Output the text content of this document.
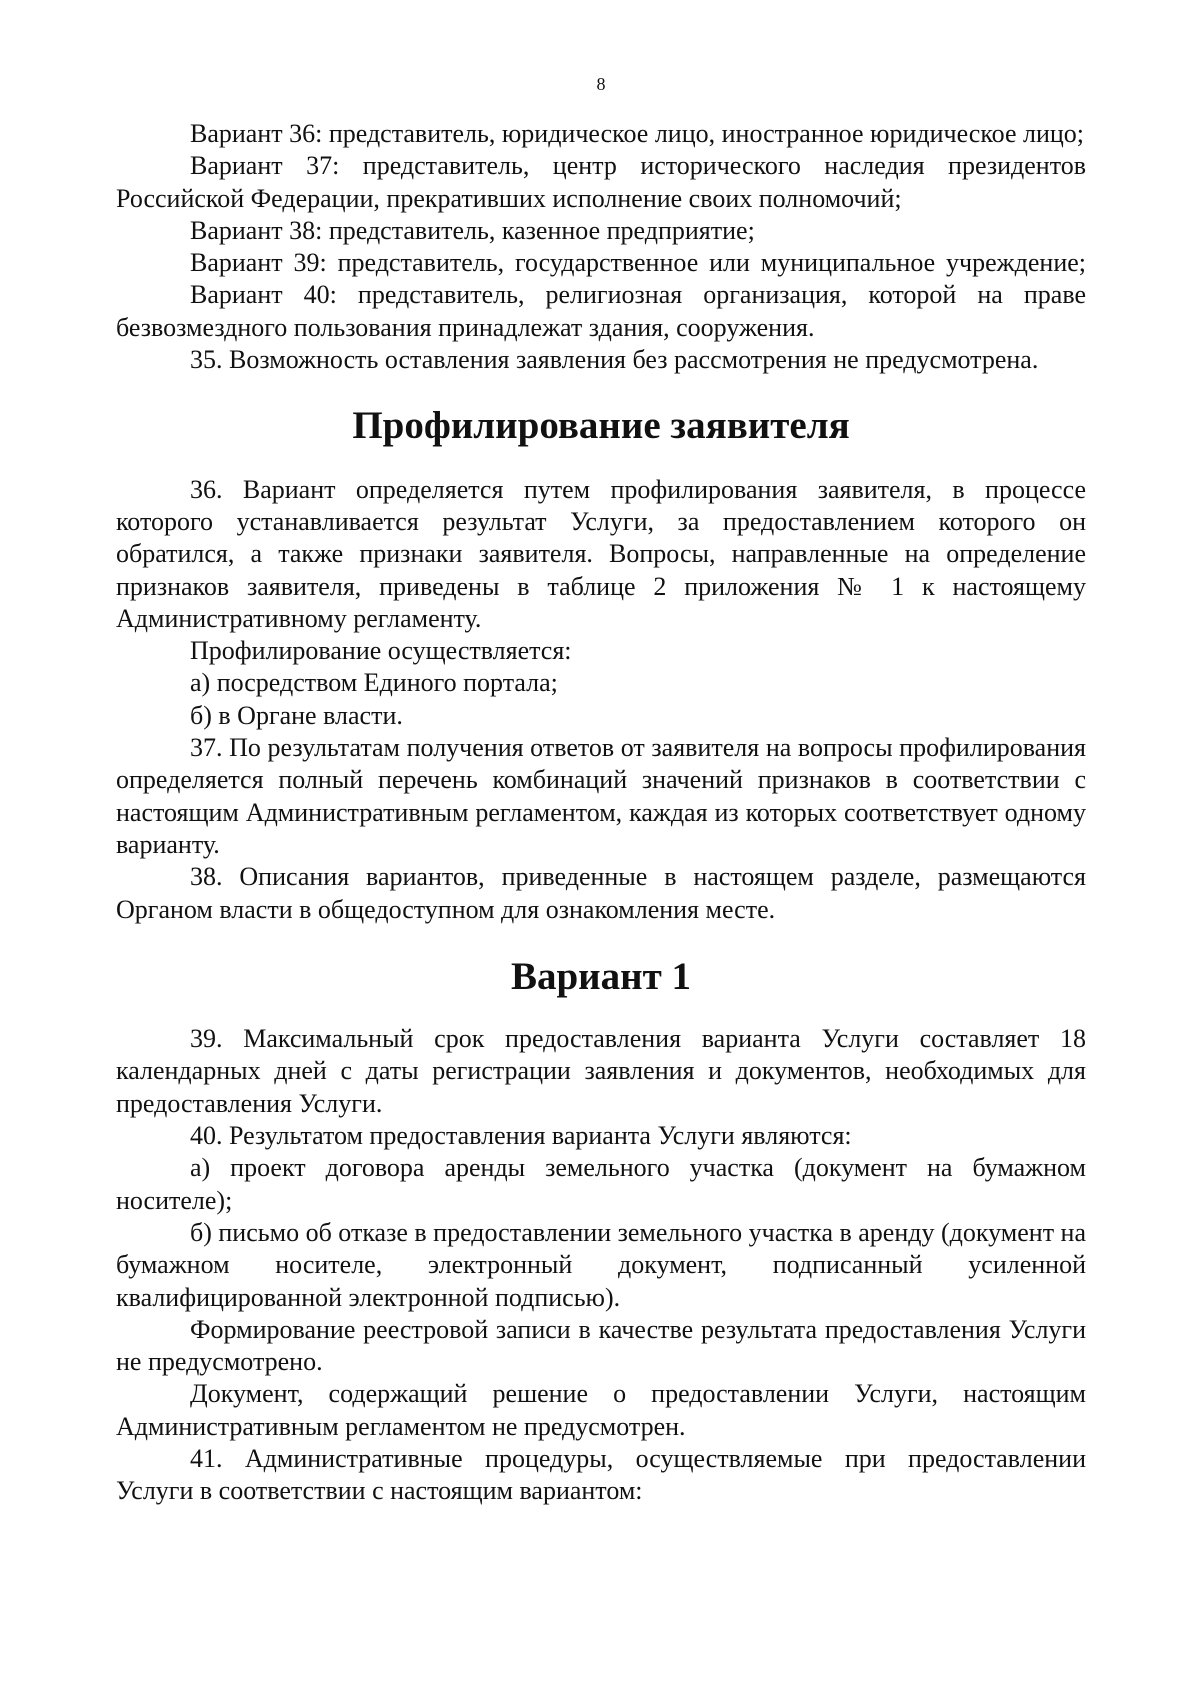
8

Вариант 36: представитель, юридическое лицо, иностранное юридическое лицо;

Вариант 37: представитель, центр исторического наследия президентов Российской Федерации, прекративших исполнение своих полномочий;

Вариант 38: представитель, казенное предприятие;

Вариант 39: представитель, государственное или муниципальное учреждение;

Вариант 40: представитель, религиозная организация, которой на праве безвозмездного пользования принадлежат здания, сооружения.

35. Возможность оставления заявления без рассмотрения не предусмотрена.

Профилирование заявителя

36. Вариант определяется путем профилирования заявителя, в процессе которого устанавливается результат Услуги, за предоставлением которого он обратился, а также признаки заявителя. Вопросы, направленные на определение признаков заявителя, приведены в таблице 2 приложения № 1 к настоящему Административному регламенту.

Профилирование осуществляется:

а) посредством Единого портала;

б) в Органе власти.

37. По результатам получения ответов от заявителя на вопросы профилирования определяется полный перечень комбинаций значений признаков в соответствии с настоящим Административным регламентом, каждая из которых соответствует одному варианту.

38. Описания вариантов, приведенные в настоящем разделе, размещаются Органом власти в общедоступном для ознакомления месте.

Вариант 1

39. Максимальный срок предоставления варианта Услуги составляет 18 календарных дней с даты регистрации заявления и документов, необходимых для предоставления Услуги.

40. Результатом предоставления варианта Услуги являются:

а) проект договора аренды земельного участка (документ на бумажном носителе);

б) письмо об отказе в предоставлении земельного участка в аренду (документ на бумажном носителе, электронный документ, подписанный усиленной квалифицированной электронной подписью).

Формирование реестровой записи в качестве результата предоставления Услуги не предусмотрено.

Документ, содержащий решение о предоставлении Услуги, настоящим Административным регламентом не предусмотрен.

41. Административные процедуры, осуществляемые при предоставлении Услуги в соответствии с настоящим вариантом:
